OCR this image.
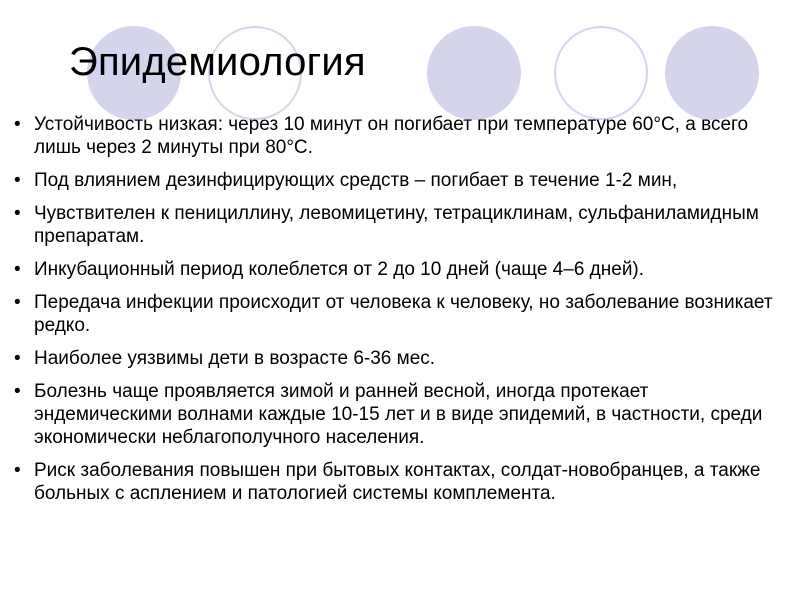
Эпидемиология
• Устойчивость низкая: через 10 минут он погибает при температуре 60°С, а всего лишь через 2 минуты при 80°С.
• Под влиянием дезинфицирующих средств – погибает в течение 1-2 мин,
• Чувствителен к пенициллину, левомицетину, тетрациклинам, сульфаниламидным препаратам.
• Инкубационный период колеблется от 2 до 10 дней (чаще 4–6 дней).
• Передача инфекции происходит от человека к человеку, но заболевание возникает редко.
• Наиболее уязвимы дети в возрасте 6-36 мес.
• Болезнь чаще проявляется зимой и ранней весной, иногда протекает эндемическими волнами каждые 10-15 лет и в виде эпидемий, в частности, среди экономически неблагополучного населения.
• Риск заболевания повышен при бытовых контактах, солдат-новобранцев, а также больных с асплением и патологией системы комплемента.
